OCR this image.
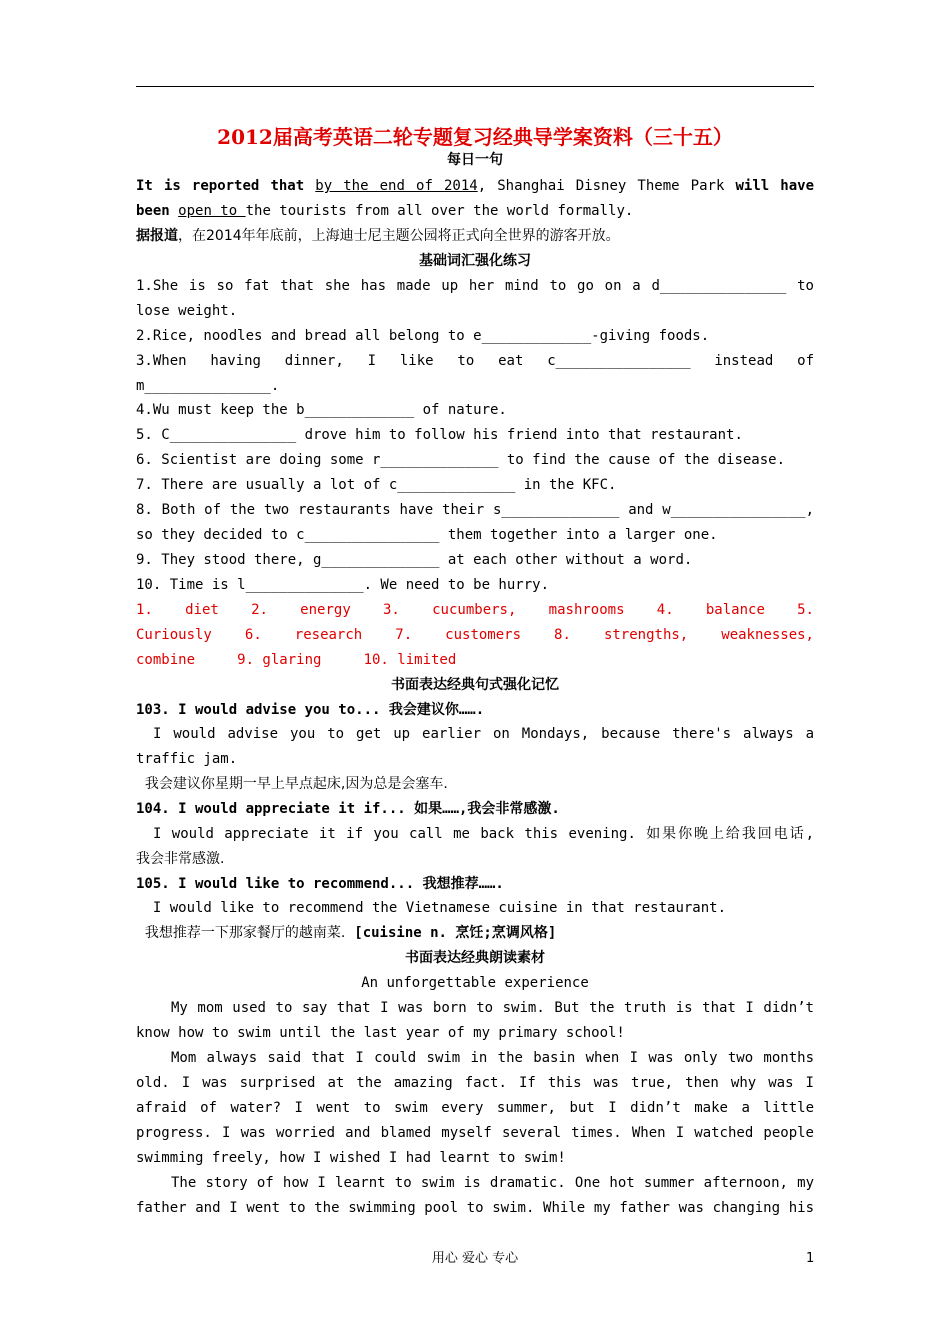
2012届高考英语二轮专题复习经典导学案资料（三十五）
每日一句
It is reported that by the end of 2014, Shanghai Disney Theme Park will have
been open to the tourists from all over the world formally.
据报道，在2014年年底前，上海迪士尼主题公园将正式向全世界的游客开放。
基础词汇强化练习
1.She is so fat that she has made up her mind to go on a d_______________ to
lose weight.
2.Rice, noodles and bread all belong to e_____________-giving foods.
3.When having dinner, I like to eat c________________ instead of
m_______________.
4.Wu must keep the b_____________ of nature.
5. C_______________ drove him to follow his friend into that restaurant.
6. Scientist are doing some r______________ to find the cause of the disease.
7. There are usually a lot of c______________ in the KFC.
8. Both of the two restaurants have their s______________ and w________________,
so they decided to c________________ them together into a larger one.
9. They stood there, g______________ at each other without a word.
10. Time is l______________. We need to be hurry.
1. diet 2. energy 3. cucumbers, mashrooms 4. balance 5.
Curiously 6. research 7. customers 8. strengths, weaknesses,
combine     9. glaring     10. limited
书面表达经典句式强化记忆
103. I would advise you to... 我会建议你…….
I would advise you to get up earlier on Mondays, because there's always a
traffic jam.
我会建议你星期一早上早点起床,因为总是会塞车.
104. I would appreciate it if... 如果……,我会非常感激.
I would appreciate it if you call me back this evening. 如果你晚上给我回电话,
我会非常感激.
105. I would like to recommend... 我想推荐…….
I would like to recommend the Vietnamese cuisine in that restaurant.
我想推荐一下那家餐厅的越南菜.  [cuisine n. 烹饪;烹调风格]
书面表达经典朗读素材
An unforgettable experience
My mom used to say that I was born to swim. But the truth is that I didn’t
know how to swim until the last year of my primary school!
Mom always said that I could swim in the basin when I was only two months
old. I was surprised at the amazing fact. If this was true, then why was I
afraid of water? I went to swim every summer, but I didn’t make a little
progress. I was worried and blamed myself several times. When I watched people
swimming freely, how I wished I had learnt to swim!
The story of how I learnt to swim is dramatic. One hot summer afternoon, my
father and I went to the swimming pool to swim. While my father was changing his
用心 爱心 专心	1
